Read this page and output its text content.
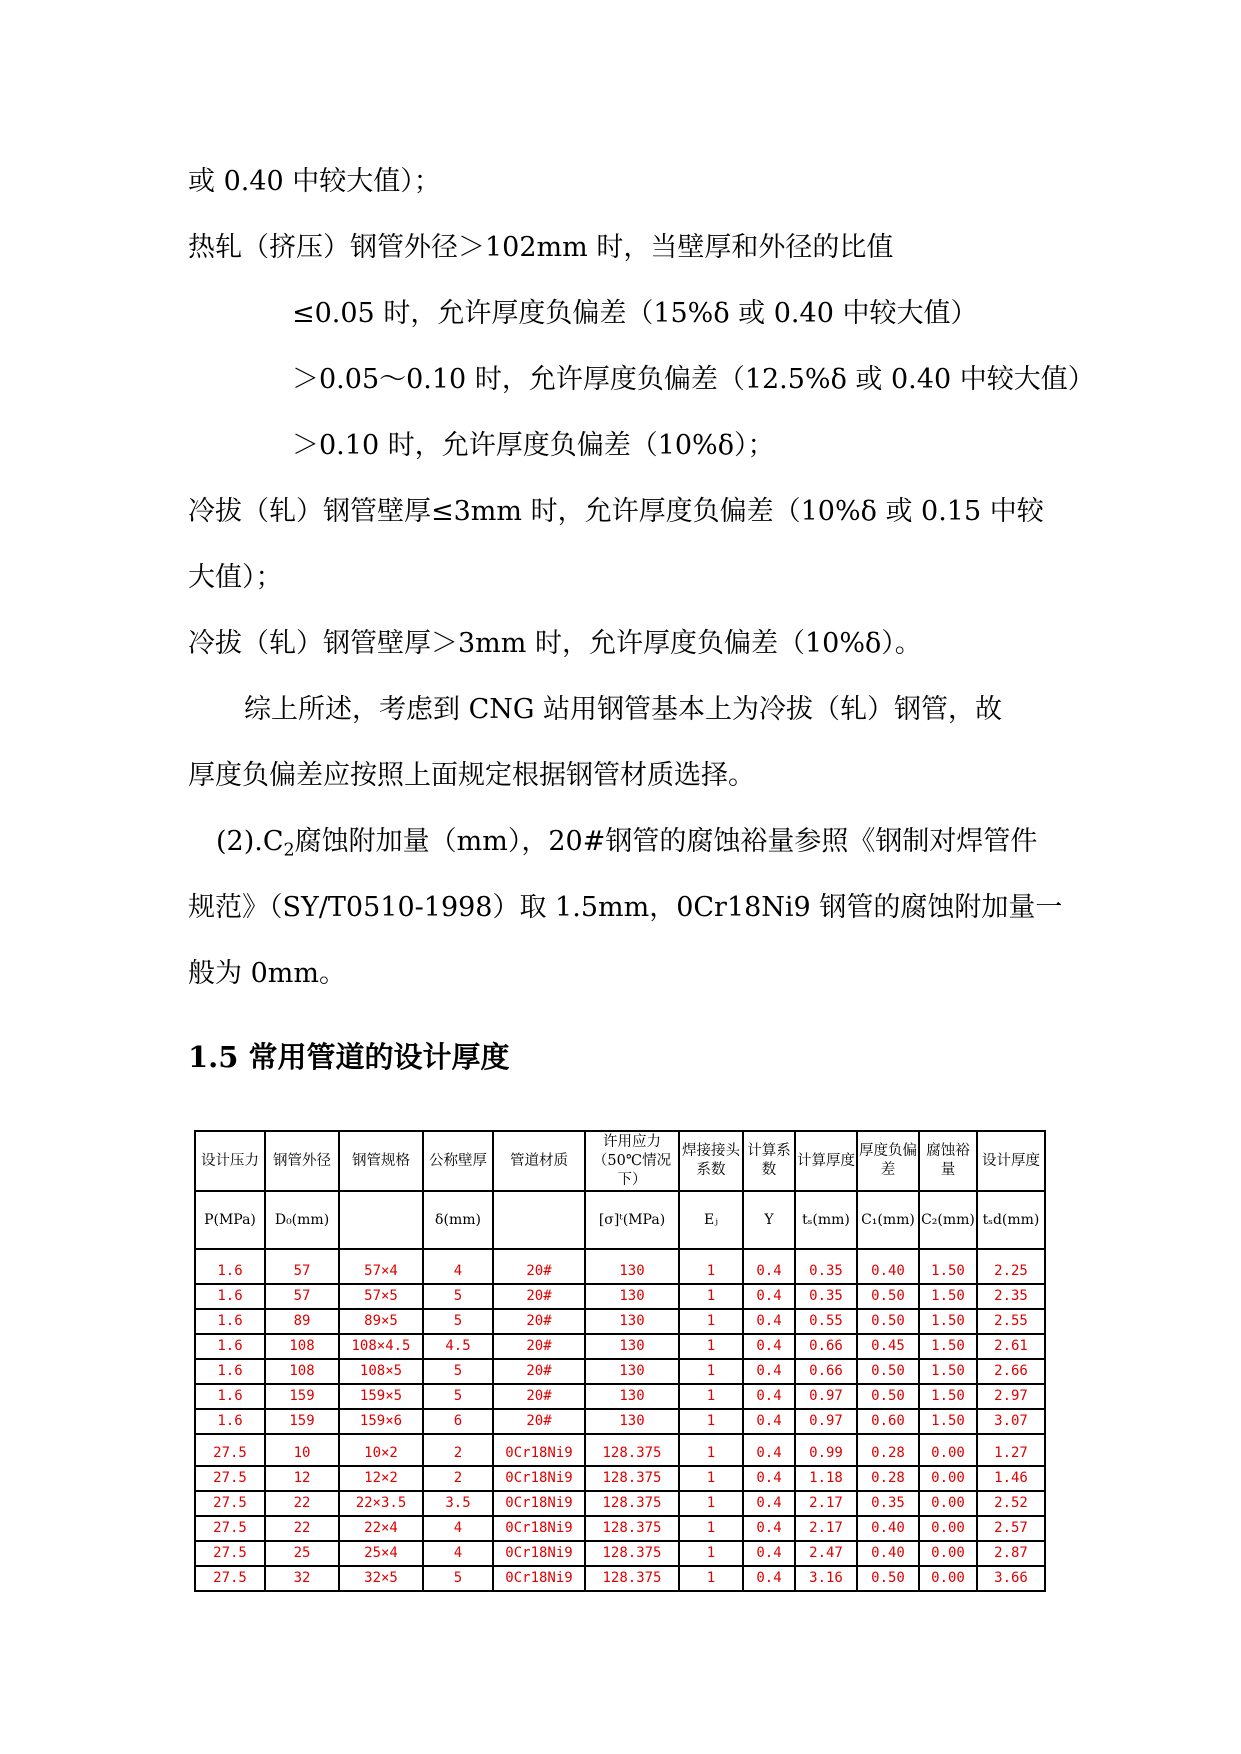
或 0.40 中较大值）；

热轧（挤压）钢管外径＞102mm 时，当壁厚和外径的比值

≤0.05 时，允许厚度负偏差（15%δ 或 0.40 中较大值）

＞0.05～0.10 时，允许厚度负偏差（12.5%δ 或 0.40 中较大值）

＞0.10 时，允许厚度负偏差（10%δ）；

冷拔（轧）钢管壁厚≤3mm 时，允许厚度负偏差（10%δ 或 0.15 中较

大值）；

冷拔（轧）钢管壁厚＞3mm 时，允许厚度负偏差（10%δ）。

综上所述，考虑到 CNG 站用钢管基本上为冷拔（轧）钢管，故

厚度负偏差应按照上面规定根据钢管材质选择。

$(2).C_2$腐蚀附加量（mm），20#钢管的腐蚀裕量参照《钢制对焊管件

规范》（SY/T0510-1998）取 1.5mm，0Cr18Ni9 钢管的腐蚀附加量一

般为 0mm。

1.5 常用管道的设计厚度
设计压力	钢管外径	钢管规格	公称壁厚	管道材质	许用应力（50℃情况下）	焊接接头系数	计算系数	计算厚度	厚度负偏差	腐蚀裕量	设计厚度
P(MPa)	D₀(mm)		δ(mm)		[σ]ᵗ(MPa)	Eⱼ	Y	tₛ(mm)	C₁(mm)	C₂(mm)	tₛd(mm)
1.6	57	57×4	4	20#	130	1	0.4	0.35	0.40	1.50	2.25
1.6	57	57×5	5	20#	130	1	0.4	0.35	0.50	1.50	2.35
1.6	89	89×5	5	20#	130	1	0.4	0.55	0.50	1.50	2.55
1.6	108	108×4.5	4.5	20#	130	1	0.4	0.66	0.45	1.50	2.61
1.6	108	108×5	5	20#	130	1	0.4	0.66	0.50	1.50	2.66
1.6	159	159×5	5	20#	130	1	0.4	0.97	0.50	1.50	2.97
1.6	159	159×6	6	20#	130	1	0.4	0.97	0.60	1.50	3.07
27.5	10	10×2	2	0Cr18Ni9	128.375	1	0.4	0.99	0.28	0.00	1.27
27.5	12	12×2	2	0Cr18Ni9	128.375	1	0.4	1.18	0.28	0.00	1.46
27.5	22	22×3.5	3.5	0Cr18Ni9	128.375	1	0.4	2.17	0.35	0.00	2.52
27.5	22	22×4	4	0Cr18Ni9	128.375	1	0.4	2.17	0.40	0.00	2.57
27.5	25	25×4	4	0Cr18Ni9	128.375	1	0.4	2.47	0.40	0.00	2.87
27.5	32	32×5	5	0Cr18Ni9	128.375	1	0.4	3.16	0.50	0.00	3.66
